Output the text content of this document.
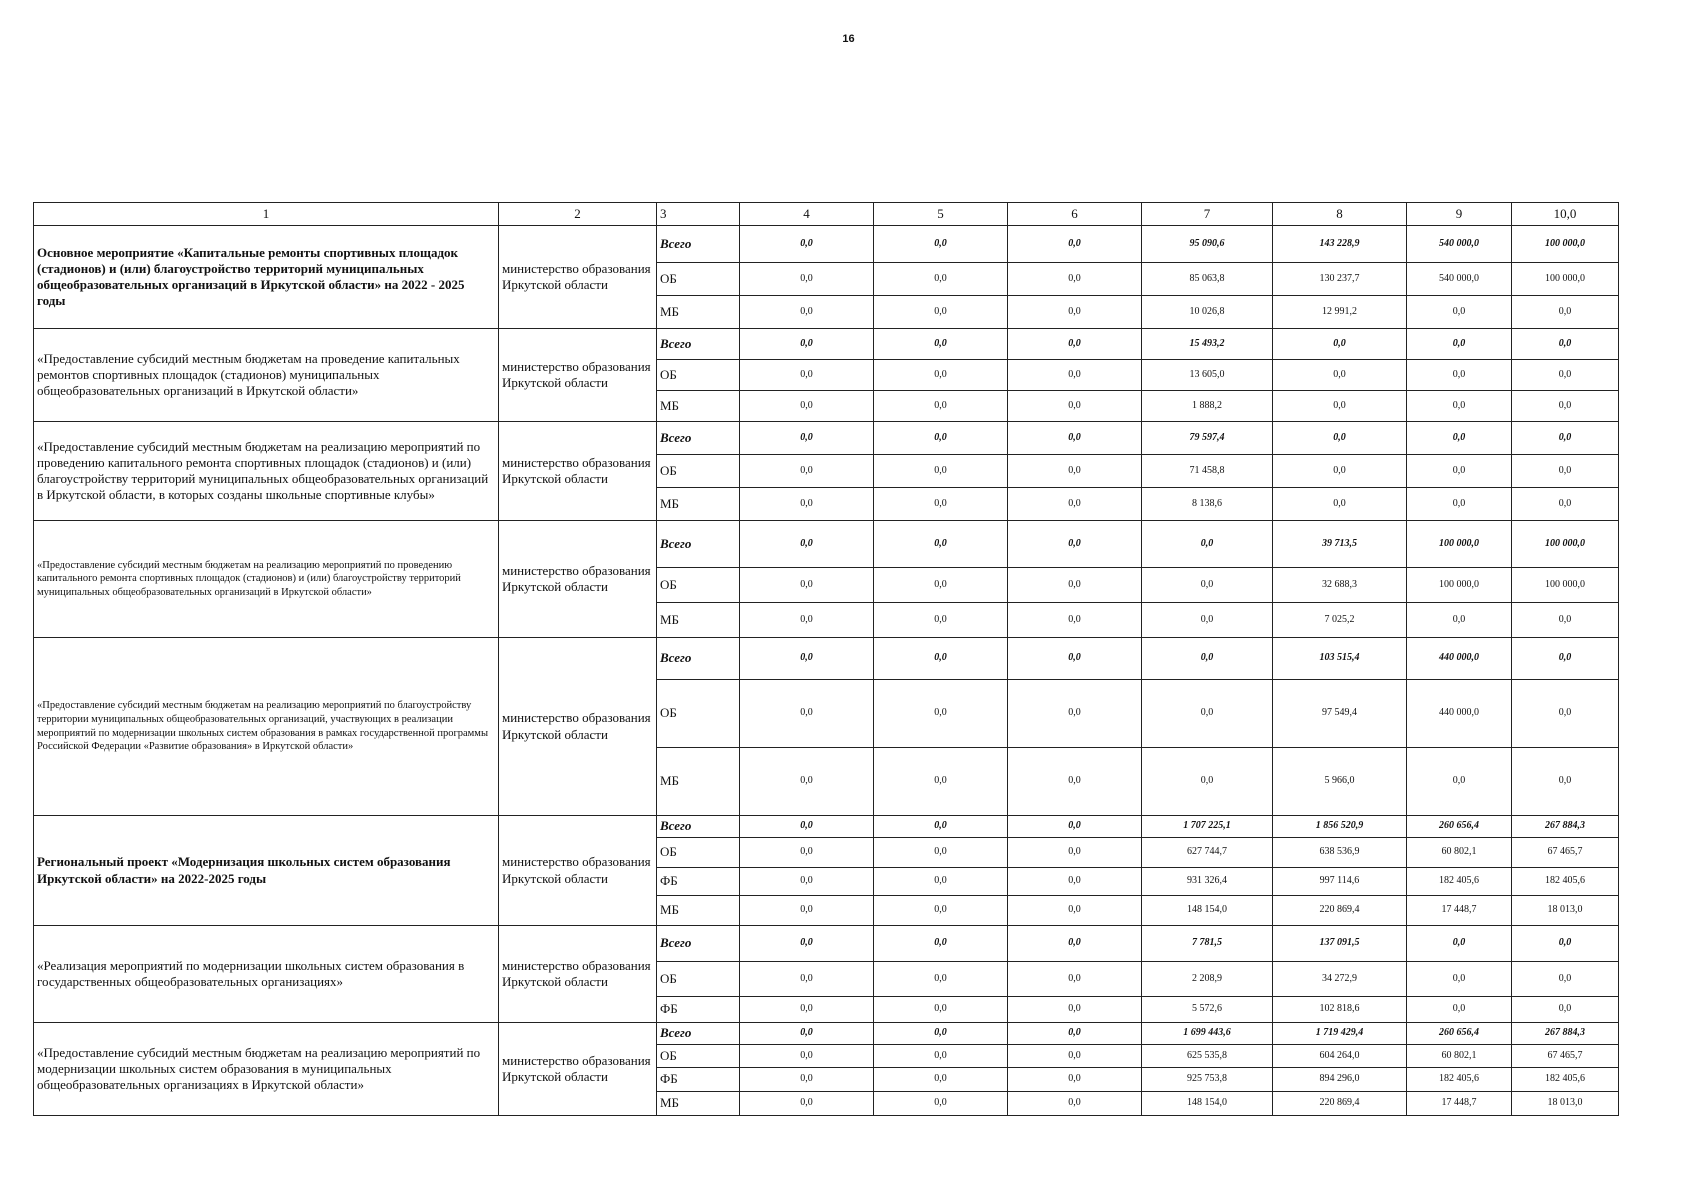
16
1	2	3	4	5	6	7	8	9	10,0
Основное мероприятие «Капитальные ремонты спортивных площадок (стадионов) и (или) благоустройство территорий муниципальных общеобразовательных организаций в Иркутской области» на 2022 - 2025 годы	министерство образования Иркутской области	Всего	0,0	0,0	0,0	95 090,6	143 228,9	540 000,0	100 000,0
		ОБ	0,0	0,0	0,0	85 063,8	130 237,7	540 000,0	100 000,0
		МБ	0,0	0,0	0,0	10 026,8	12 991,2	0,0	0,0
«Предоставление субсидий местным бюджетам на проведение капитальных ремонтов спортивных площадок (стадионов) муниципальных общеобразовательных организаций в Иркутской области»	министерство образования Иркутской области	Всего	0,0	0,0	0,0	15 493,2	0,0	0,0	0,0
		ОБ	0,0	0,0	0,0	13 605,0	0,0	0,0	0,0
		МБ	0,0	0,0	0,0	1 888,2	0,0	0,0	0,0
«Предоставление субсидий местным бюджетам на реализацию мероприятий по проведению капитального ремонта спортивных площадок (стадионов) и (или) благоустройству территорий муниципальных общеобразовательных организаций в Иркутской области, в которых созданы школьные спортивные клубы»	министерство образования Иркутской области	Всего	0,0	0,0	0,0	79 597,4	0,0	0,0	0,0
		ОБ	0,0	0,0	0,0	71 458,8	0,0	0,0	0,0
		МБ	0,0	0,0	0,0	8 138,6	0,0	0,0	0,0
«Предоставление субсидий местным бюджетам на реализацию мероприятий по проведению капитального ремонта спортивных площадок (стадионов) и (или) благоустройству территорий муниципальных общеобразовательных организаций в Иркутской области»	министерство образования Иркутской области	Всего	0,0	0,0	0,0	0,0	39 713,5	100 000,0	100 000,0
		ОБ	0,0	0,0	0,0	0,0	32 688,3	100 000,0	100 000,0
		МБ	0,0	0,0	0,0	0,0	7 025,2	0,0	0,0
«Предоставление субсидий местным бюджетам на реализацию мероприятий по благоустройству территории муниципальных общеобразовательных организаций, участвующих в реализации мероприятий по модернизации школьных систем образования в рамках государственной программы Российской Федерации «Развитие образования» в Иркутской области»	министерство образования Иркутской области	Всего	0,0	0,0	0,0	0,0	103 515,4	440 000,0	0,0
		ОБ	0,0	0,0	0,0	0,0	97 549,4	440 000,0	0,0
		МБ	0,0	0,0	0,0	0,0	5 966,0	0,0	0,0
Региональный проект «Модернизация школьных систем образования Иркутской области» на 2022-2025 годы	министерство образования Иркутской области	Всего	0,0	0,0	0,0	1 707 225,1	1 856 520,9	260 656,4	267 884,3
		ОБ	0,0	0,0	0,0	627 744,7	638 536,9	60 802,1	67 465,7
		ФБ	0,0	0,0	0,0	931 326,4	997 114,6	182 405,6	182 405,6
		МБ	0,0	0,0	0,0	148 154,0	220 869,4	17 448,7	18 013,0
«Реализация мероприятий по модернизации школьных систем образования в государственных общеобразовательных организациях»	министерство образования Иркутской области	Всего	0,0	0,0	0,0	7 781,5	137 091,5	0,0	0,0
		ОБ	0,0	0,0	0,0	2 208,9	34 272,9	0,0	0,0
		ФБ	0,0	0,0	0,0	5 572,6	102 818,6	0,0	0,0
«Предоставление субсидий местным бюджетам на реализацию мероприятий по модернизации школьных систем образования в муниципальных общеобразовательных организациях в Иркутской области»	министерство образования Иркутской области	Всего	0,0	0,0	0,0	1 699 443,6	1 719 429,4	260 656,4	267 884,3
		ОБ	0,0	0,0	0,0	625 535,8	604 264,0	60 802,1	67 465,7
		ФБ	0,0	0,0	0,0	925 753,8	894 296,0	182 405,6	182 405,6
		МБ	0,0	0,0	0,0	148 154,0	220 869,4	17 448,7	18 013,0
